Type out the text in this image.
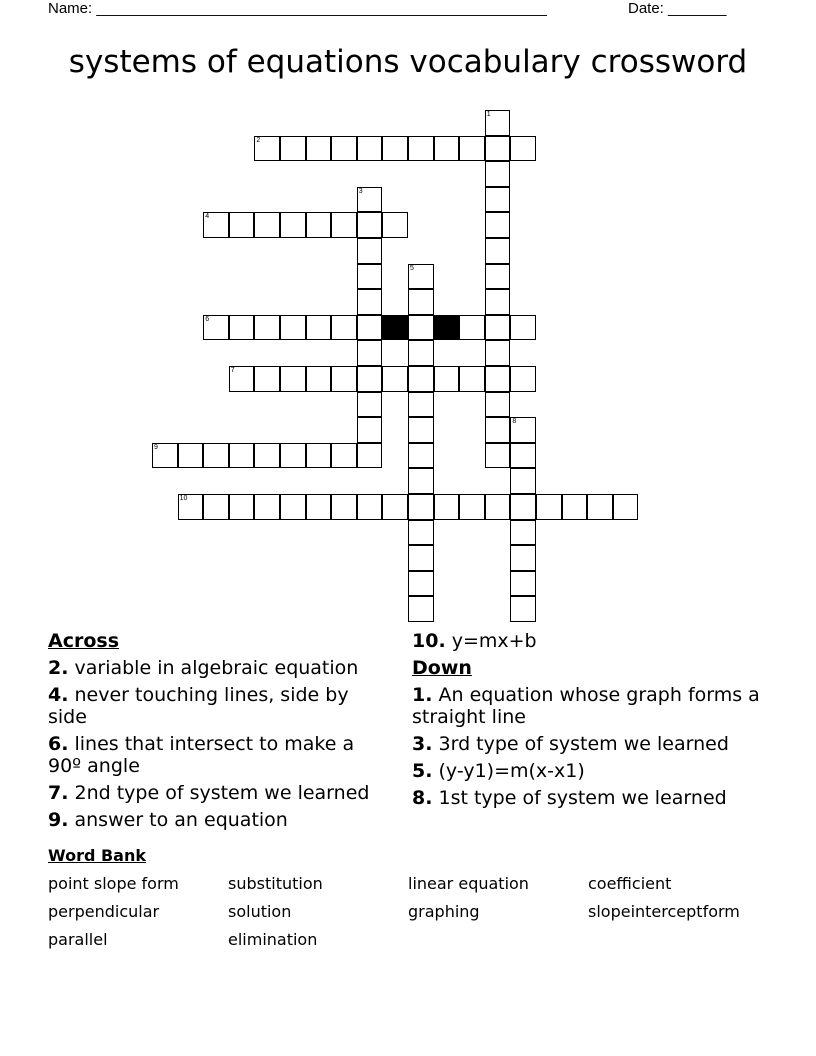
Name: ______________________________________________________	Date: _______
systems of equations vocabulary crossword
1
2
3
4
5
6
7
8
9
10
Across
2. variable in algebraic equation
4. never touching lines, side by side
6. lines that intersect to make a 90º angle
7. 2nd type of system we learned
9. answer to an equation
10. y=mx+b
Down
1. An equation whose graph forms a straight line
3. 3rd type of system we learned
5. (y-y1)=m(x-x1)
8. 1st type of system we learned
Word Bank
point slope form	substitution	linear equation	coefficient
perpendicular	solution	graphing	slopeinterceptform
parallel	elimination
